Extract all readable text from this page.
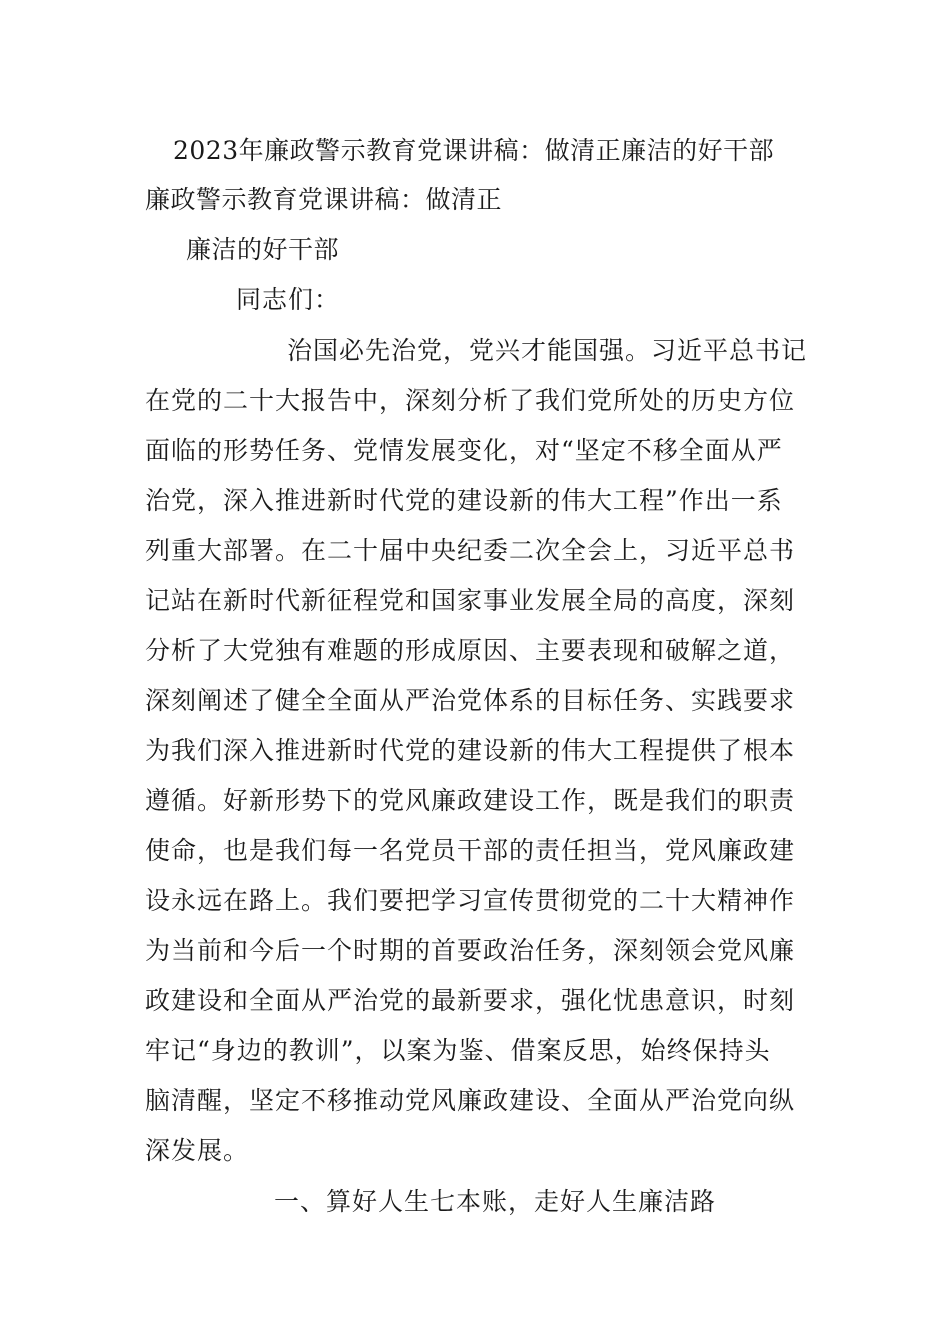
2023年廉政警示教育党课讲稿：做清正廉洁的好干部
廉政警示教育党课讲稿：做清正
廉洁的好干部
同志们：
治国必先治党，党兴才能国强。习近平总书记
在党的二十大报告中，深刻分析了我们党所处的历史方位
面临的形势任务、党情发展变化，对“坚定不移全面从严
治党，深入推进新时代党的建设新的伟大工程”作出一系
列重大部署。在二十届中央纪委二次全会上，习近平总书
记站在新时代新征程党和国家事业发展全局的高度，深刻
分析了大党独有难题的形成原因、主要表现和破解之道，
深刻阐述了健全全面从严治党体系的目标任务、实践要求
为我们深入推进新时代党的建设新的伟大工程提供了根本
遵循。好新形势下的党风廉政建设工作，既是我们的职责
使命，也是我们每一名党员干部的责任担当，党风廉政建
设永远在路上。我们要把学习宣传贯彻党的二十大精神作
为当前和今后一个时期的首要政治任务，深刻领会党风廉
政建设和全面从严治党的最新要求，强化忧患意识，时刻
牢记“身边的教训”，以案为鉴、借案反思，始终保持头
脑清醒，坚定不移推动党风廉政建设、全面从严治党向纵
深发展。
一、算好人生七本账，走好人生廉洁路
